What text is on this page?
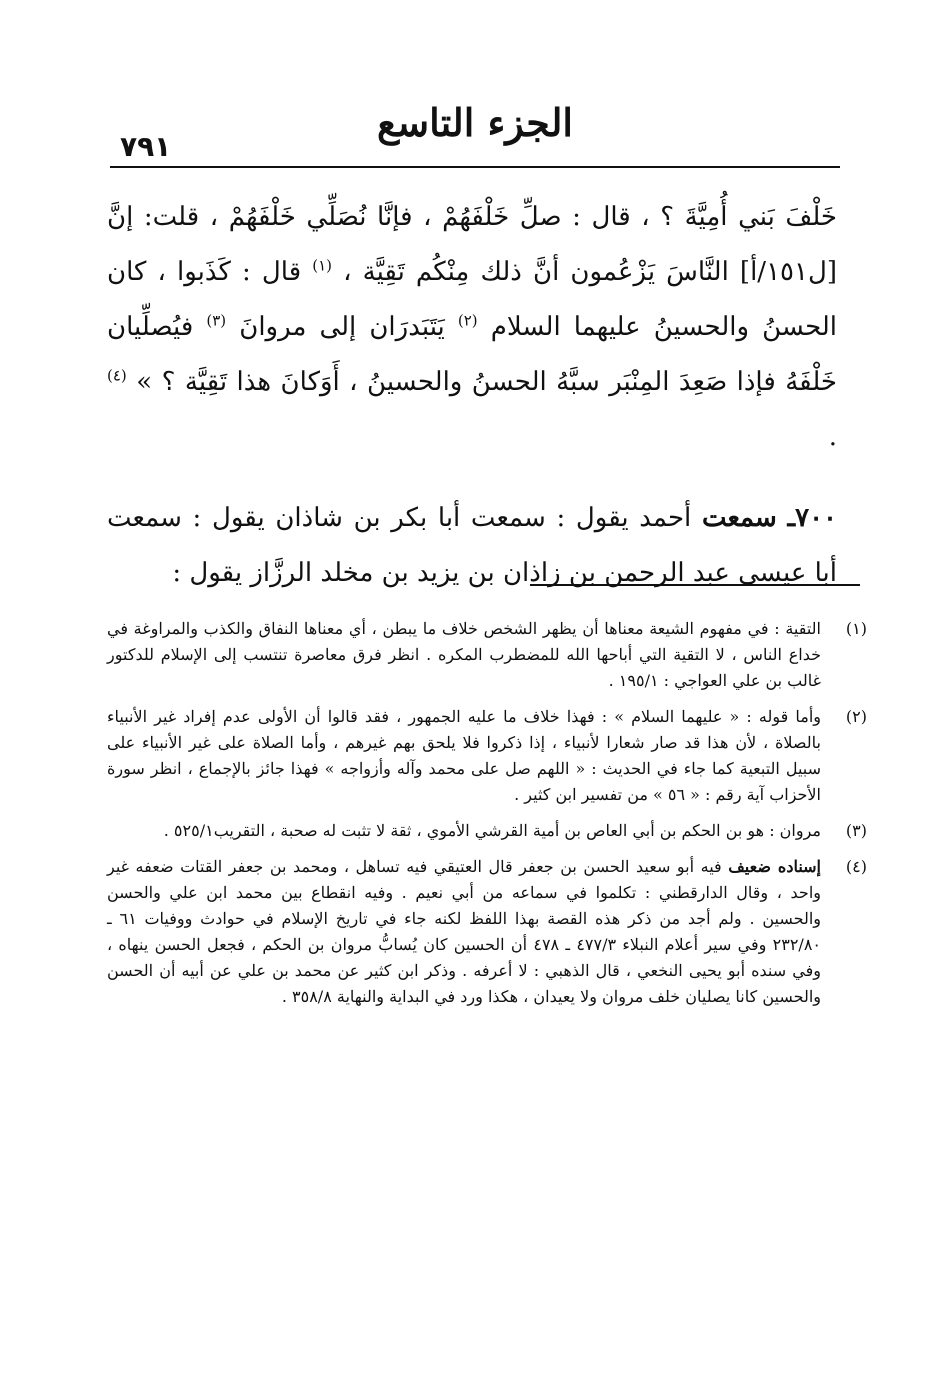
٧٩١
الجزء التاسع

خَلْفَ بَني أُمِيَّةَ ؟ ، قال : صلِّ خَلْفَهُمْ ، فإنَّا نُصَلِّي خَلْفَهُمْ ، قلت: إنَّ [ل١٥١/أ] النَّاسَ يَزْعُمون أنَّ ذلك مِنْكُم تَقِيَّة ، $^{(١)}$ قال : كَذَبوا ، كان الحسنُ والحسينُ عليهما السلام $^{(٢)}$ يَتَبَدرَان إلى مروانَ $^{(٣)}$ فيُصلِّيان خَلْفَهُ فإذا صَعِدَ المِنْبَر سبَّهُ الحسنُ والحسينُ ، أَوَكانَ هذا تَقِيَّة ؟ » $^{(٤)}$ .

٧٠٠ـ سمعت أحمد يقول : سمعت أبا بكر بن شاذان يقول : سمعت أبا عيسى عبد الرحمن بن زاذان بن يزيد بن مخلد الرزَّاز يقول :

(١)
التقية : في مفهوم الشيعة معناها أن يظهر الشخص خلاف ما يبطن ، أي معناها النفاق والكذب والمراوغة في خداع الناس ، لا التقية التي أباحها الله للمضطرب المكره . انظر فرق معاصرة تنتسب إلى الإسلام للدكتور غالب بن علي العواجي : ١٩٥/١ .
(٢)
وأما قوله : « عليهما السلام » : فهذا خلاف ما عليه الجمهور ، فقد قالوا أن الأولى عدم إفراد غير الأنبياء بالصلاة ، لأن هذا قد صار شعارا لأنبياء ، إذا ذكروا فلا يلحق بهم غيرهم ، وأما الصلاة على غير الأنبياء على سبيل التبعية كما جاء في الحديث : « اللهم صل على محمد وآله وأزواجه » فهذا جائز بالإجماع ، انظر سورة الأحزاب آية رقم : « ٥٦ » من تفسير ابن كثير .
(٣)
مروان : هو بن الحكم بن أبي العاص بن أمية القرشي الأموي ، ثقة لا تثبت له صحبة ، التقريب٥٢٥/١ .
(٤)
إسناده ضعيف فيه أبو سعيد الحسن بن جعفر قال العتيقي فيه تساهل ، ومحمد بن جعفر القتات ضعفه غير واحد ، وقال الدارقطني : تكلموا في سماعه من أبي نعيم . وفيه انقطاع بين محمد ابن علي والحسن والحسين . ولم أجد من ذكر هذه القصة بهذا اللفظ لكنه جاء في تاريخ الإسلام في حوادث ووفيات ٦١ ـ ٢٣٢/٨٠ وفي سير أعلام النبلاء ٤٧٧/٣ ـ ٤٧٨ أن الحسين كان يُسابُّ مروان بن الحكم ، فجعل الحسن ينهاه ، وفي سنده أبو يحيى النخعي ، قال الذهبي : لا أعرفه . وذكر ابن كثير عن محمد بن علي عن أبيه أن الحسن والحسين كانا يصليان خلف مروان ولا يعيدان ، هكذا ورد في البداية والنهاية ٣٥٨/٨ .
